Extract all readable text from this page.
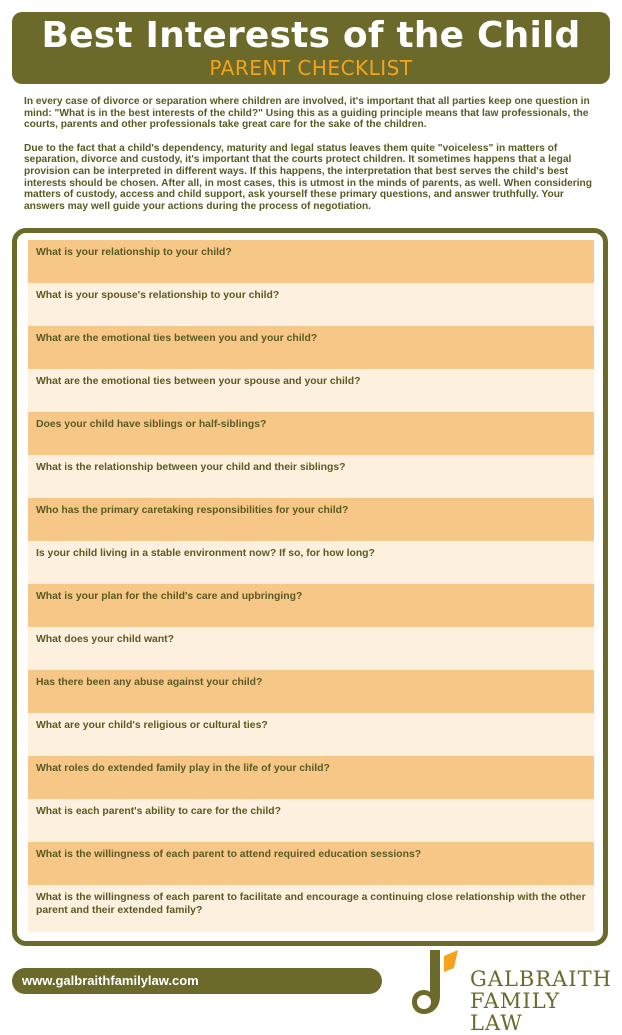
Best Interests of the Child
PARENT CHECKLIST

In every case of divorce or separation where children are involved, it's important that all parties keep one question in mind: "What is in the best interests of the child?" Using this as a guiding principle means that law professionals, the courts, parents and other professionals take great care for the sake of the children.

Due to the fact that a child's dependency, maturity and legal status leaves them quite "voiceless" in matters of separation, divorce and custody, it's important that the courts protect children. It sometimes happens that a legal provision can be interpreted in different ways. If this happens, the interpretation that best serves the child's best interests should be chosen. After all, in most cases, this is utmost in the minds of parents, as well. When considering matters of custody, access and child support, ask yourself these primary questions, and answer truthfully. Your answers may well guide your actions during the process of negotiation.

What is your relationship to your child?
What is your spouse's relationship to your child?
What are the emotional ties between you and your child?
What are the emotional ties between your spouse and your child?
Does your child have siblings or half-siblings?
What is the relationship between your child and their siblings?
Who has the primary caretaking responsibilities for your child?
Is your child living in a stable environment now? If so, for how long?
What is your plan for the child's care and upbringing?
What does your child want?
Has there been any abuse against your child?
What are your child's religious or cultural ties?
What roles do extended family play in the life of your child?
What is each parent's ability to care for the child?
What is the willingness of each parent to attend required education sessions?
What is the willingness of each parent to facilitate and encourage a continuing close relationship with the other parent and their extended family?
www.galbraithfamilylaw.com	GALBRAITH
FAMILY LAW
